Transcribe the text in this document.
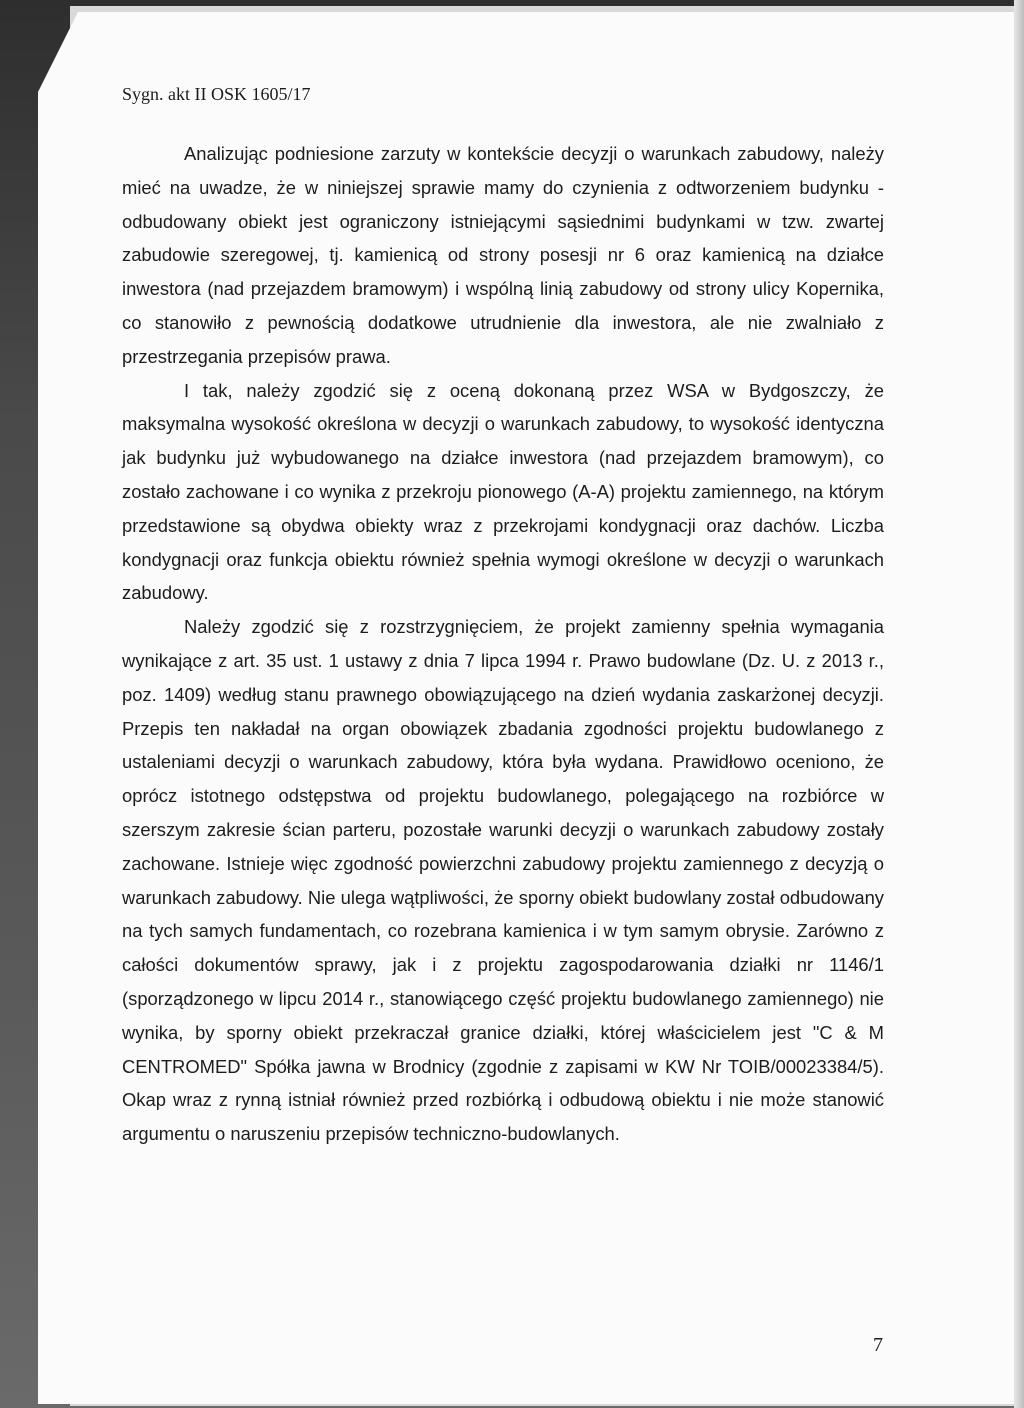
Sygn. akt II OSK 1605/17

Analizując podniesione zarzuty w kontekście decyzji o warunkach zabudowy, należy mieć na uwadze, że w niniejszej sprawie mamy do czynienia z odtworzeniem budynku - odbudowany obiekt jest ograniczony istniejącymi sąsiednimi budynkami w tzw. zwartej zabudowie szeregowej, tj. kamienicą od strony posesji nr 6 oraz kamienicą na działce inwestora (nad przejazdem bramowym) i wspólną linią zabudowy od strony ulicy Kopernika, co stanowiło z pewnością dodatkowe utrudnienie dla inwestora, ale nie zwalniało z przestrzegania przepisów prawa.

I tak, należy zgodzić się z oceną dokonaną przez WSA w Bydgoszczy, że maksymalna wysokość określona w decyzji o warunkach zabudowy, to wysokość identyczna jak budynku już wybudowanego na działce inwestora (nad przejazdem bramowym), co zostało zachowane i co wynika z przekroju pionowego (A-A) projektu zamiennego, na którym przedstawione są obydwa obiekty wraz z przekrojami kondygnacji oraz dachów. Liczba kondygnacji oraz funkcja obiektu również spełnia wymogi określone w decyzji o warunkach zabudowy.

Należy zgodzić się z rozstrzygnięciem, że projekt zamienny spełnia wymagania wynikające z art. 35 ust. 1 ustawy z dnia 7 lipca 1994 r. Prawo budowlane (Dz. U. z 2013 r., poz. 1409) według stanu prawnego obowiązującego na dzień wydania zaskarżonej decyzji. Przepis ten nakładał na organ obowiązek zbadania zgodności projektu budowlanego z ustaleniami decyzji o warunkach zabudowy, która była wydana. Prawidłowo oceniono, że oprócz istotnego odstępstwa od projektu budowlanego, polegającego na rozbiórce w szerszym zakresie ścian parteru, pozostałe warunki decyzji o warunkach zabudowy zostały zachowane. Istnieje więc zgodność powierzchni zabudowy projektu zamiennego z decyzją o warunkach zabudowy. Nie ulega wątpliwości, że sporny obiekt budowlany został odbudowany na tych samych fundamentach, co rozebrana kamienica i w tym samym obrysie. Zarówno z całości dokumentów sprawy, jak i z projektu zagospodarowania działki nr 1146/1 (sporządzonego w lipcu 2014 r., stanowiącego część projektu budowlanego zamiennego) nie wynika, by sporny obiekt przekraczał granice działki, której właścicielem jest "C & M CENTROMED" Spółka jawna w Brodnicy (zgodnie z zapisami w KW Nr TOIB/00023384/5). Okap wraz z rynną istniał również przed rozbiórką i odbudową obiektu i nie może stanowić argumentu o naruszeniu przepisów techniczno-budowlanych.

7
